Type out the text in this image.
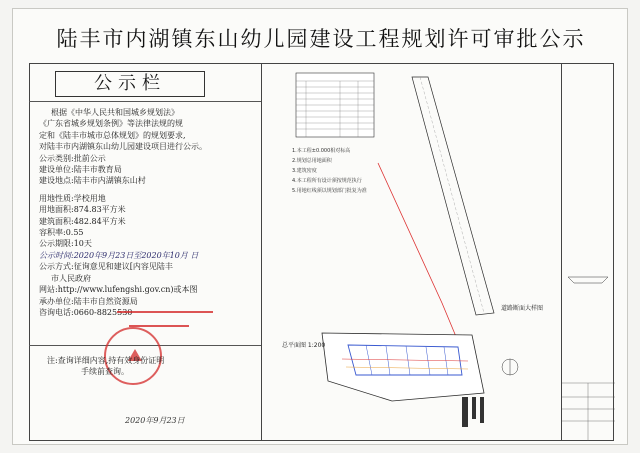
陆丰市内湖镇东山幼儿园建设工程规划许可审批公示
公示栏

根据《中华人民共和国城乡规划法》

《广东省城乡规划条例》等法律法规的规

定和《陆丰市城市总体规划》的规划要求,

对陆丰市内湖镇东山幼儿园建设项目进行公示。

公示类别:批前公示

建设单位:陆丰市教育局

建设地点:陆丰市内湖镇东山村

用地性质:学校用地

用地面积:874.83平方米

建筑面积:482.84平方米

容积率:0.55

公示期限:10天

公示时间:2020年9月23日至2020年10月 日

公示方式:征询意见和建议[内容见陆丰

市人民政府

网站:http://www.lufengshi.gov.cn)或本图

承办单位:陆丰市自然资源局

咨询电话:0660-8825530

注:查询详细内容,持有效身份证明

手续前查询。

2020年9月23日
1.本工程±0.000相对标高
2.规划总用地面积
3.建筑密度
4.本工程所有设计须按规范执行
5.用地红线须以规划部门批复为准
总平面图 1:200
道路断面大样图
